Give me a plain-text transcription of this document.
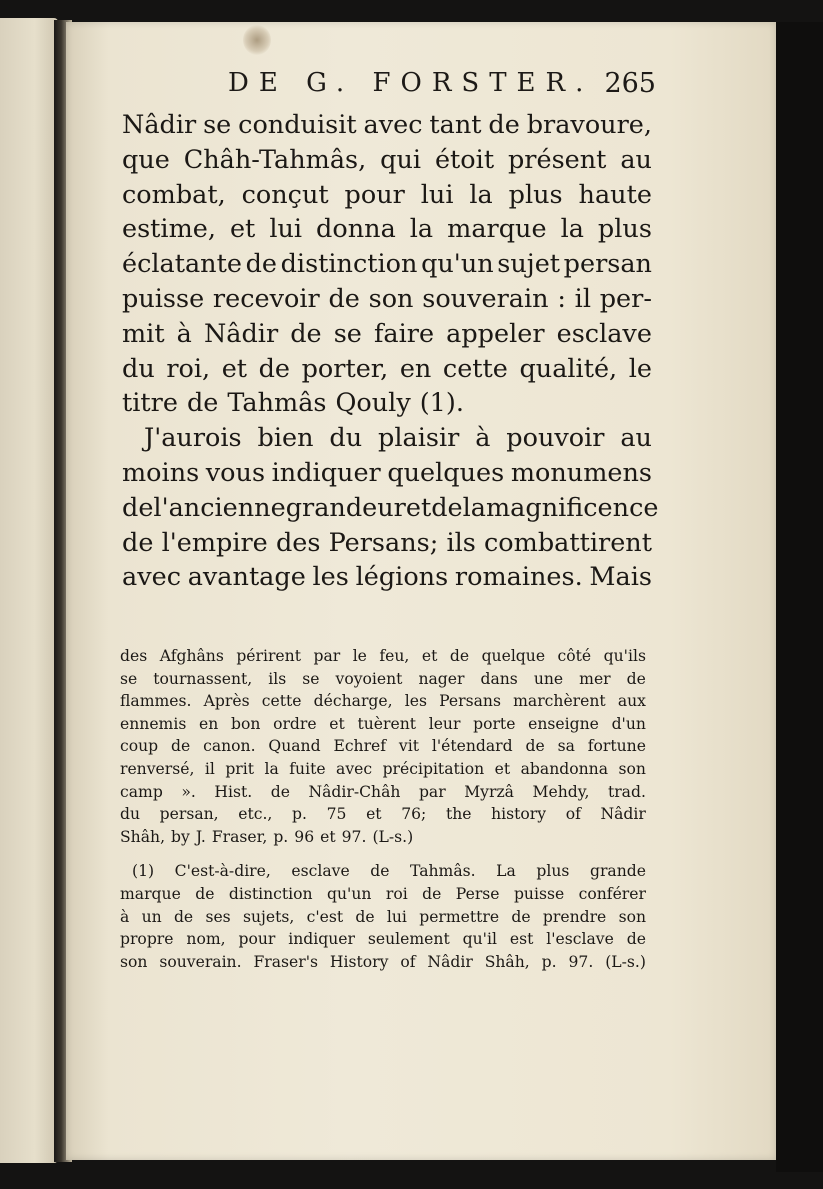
DE G. FORSTER. 265
Nâdir se conduisit avec tant de bravoure,
que Châh-Tahmâs, qui étoit présent au
combat, conçut pour lui la plus haute
estime, et lui donna la marque la plus
éclatante de distinction qu'un sujet persan
puisse recevoir de son souverain : il per-
mit à Nâdir de se faire appeler esclave
du roi, et de porter, en cette qualité, le
titre de Tahmâs Qouly (1).
J'aurois bien du plaisir à pouvoir au
moins vous indiquer quelques monumens
de l'ancienne grandeur et de la magnificence
de l'empire des Persans; ils combattirent
avec avantage les légions romaines. Mais
des Afghâns périrent par le feu, et de quelque côté qu'ils
se tournassent, ils se voyoient nager dans une mer de
flammes. Après cette décharge, les Persans marchèrent aux
ennemis en bon ordre et tuèrent leur porte enseigne d'un
coup de canon. Quand Echref vit l'étendard de sa fortune
renversé, il prit la fuite avec précipitation et abandonna son
camp ». Hist. de Nâdir-Châh par Myrzâ Mehdy, trad.
du persan, etc., p. 75 et 76; the history of Nâdir
Shâh, by J. Fraser, p. 96 et 97. (L-s.)
(1) C'est-à-dire, esclave de Tahmâs. La plus grande
marque de distinction qu'un roi de Perse puisse conférer
à un de ses sujets, c'est de lui permettre de prendre son
propre nom, pour indiquer seulement qu'il est l'esclave de
son souverain. Fraser's History of Nâdir Shâh, p. 97. (L-s.)
